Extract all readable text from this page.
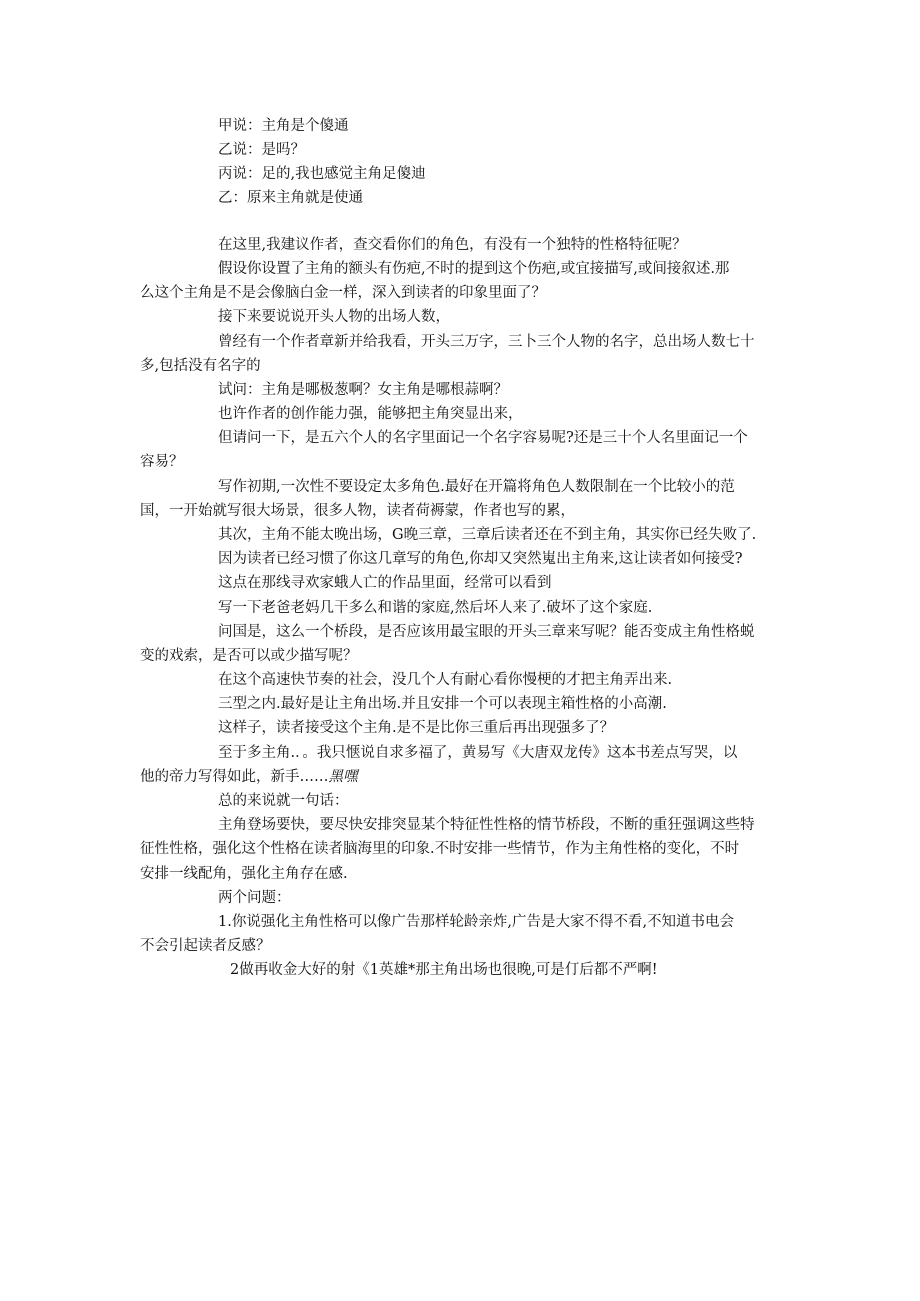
甲说：主角是个傻通
乙说：是吗？
丙说：足的,我也感觉主角足傻迪
乙：原来主角就是使通
在这里,我建议作者，查交看你们的角色，有没有一个独特的性格特征呢？
假设你设置了主角的额头有伤疤,不时的提到这个伤疤,或宜接描写,或间接叙述.那
么这个主角是不是会像脑白金一样，深入到读者的印象里面了？
接下来要说说开头人物的出场人数，
曾经有一个作者章新并给我看，开头三万字，三卜三个人物的名字，总出场人数七十
多,包括没有名字的
试问：主角是哪极葱啊？女主角是哪根蒜啊？
也许作者的创作能力强，能够把主角突显出来，
但请问一下，是五六个人的名字里面记一个名字容易呢?还是三十个人名里面记一个
容易？
写作初期,一次性不要设定太多角色.最好在开篇将角色人数限制在一个比较小的范
国，一开始就写很大场景，很多人物，读者荷褥蒙，作者也写的累，
其次，主角不能太晚出场，G晚三章，三章后读者还在不到主角，其实你已经失败了.
因为读者已经习惯了你这几章写的角色,你却又突然嵬出主角来,这让读者如何接受?
这点在那线寻欢家蛾人亡的作品里面，经常可以看到
写一下老爸老妈几干多么和谐的家庭,然后坏人来了.破坏了这个家庭.
问国是，这么一个桥段，是否应该用最宝眼的开头三章来写呢？能否变成主角性格蜕
变的戏索，是否可以或少描写呢？
在这个高速快节奏的社会，没几个人有耐心看你慢梗的才把主角弄出来.
三型之内.最好是让主角出场.并且安排一个可以表现主箱性格的小高潮.
这样子，读者接受这个主角.是不是比你三重后再出现强多了？
至于多主角.．。我只惬说自求多福了，黄易写《大唐双龙传》这本书差点写哭，以
他的帝力写得如此，新手……黑嘿
总的来说就一句话：
主角登场要快，要尽快安排突显某个特征性性格的情节桥段，不断的重狂强调这些特
征性性格，强化这个性格在读者脑海里的印象.不时安排一些情节，作为主角性格的变化，不时
安排一线配角，强化主角存在感.
两个问题：
1.你说强化主角性格可以像广告那样轮龄亲炸,广告是大家不得不看,不知道书电会
不会引起读者反感？
2做再收金大好的射《1英雄*那主角出场也很晚,可是仃后都不严啊!
